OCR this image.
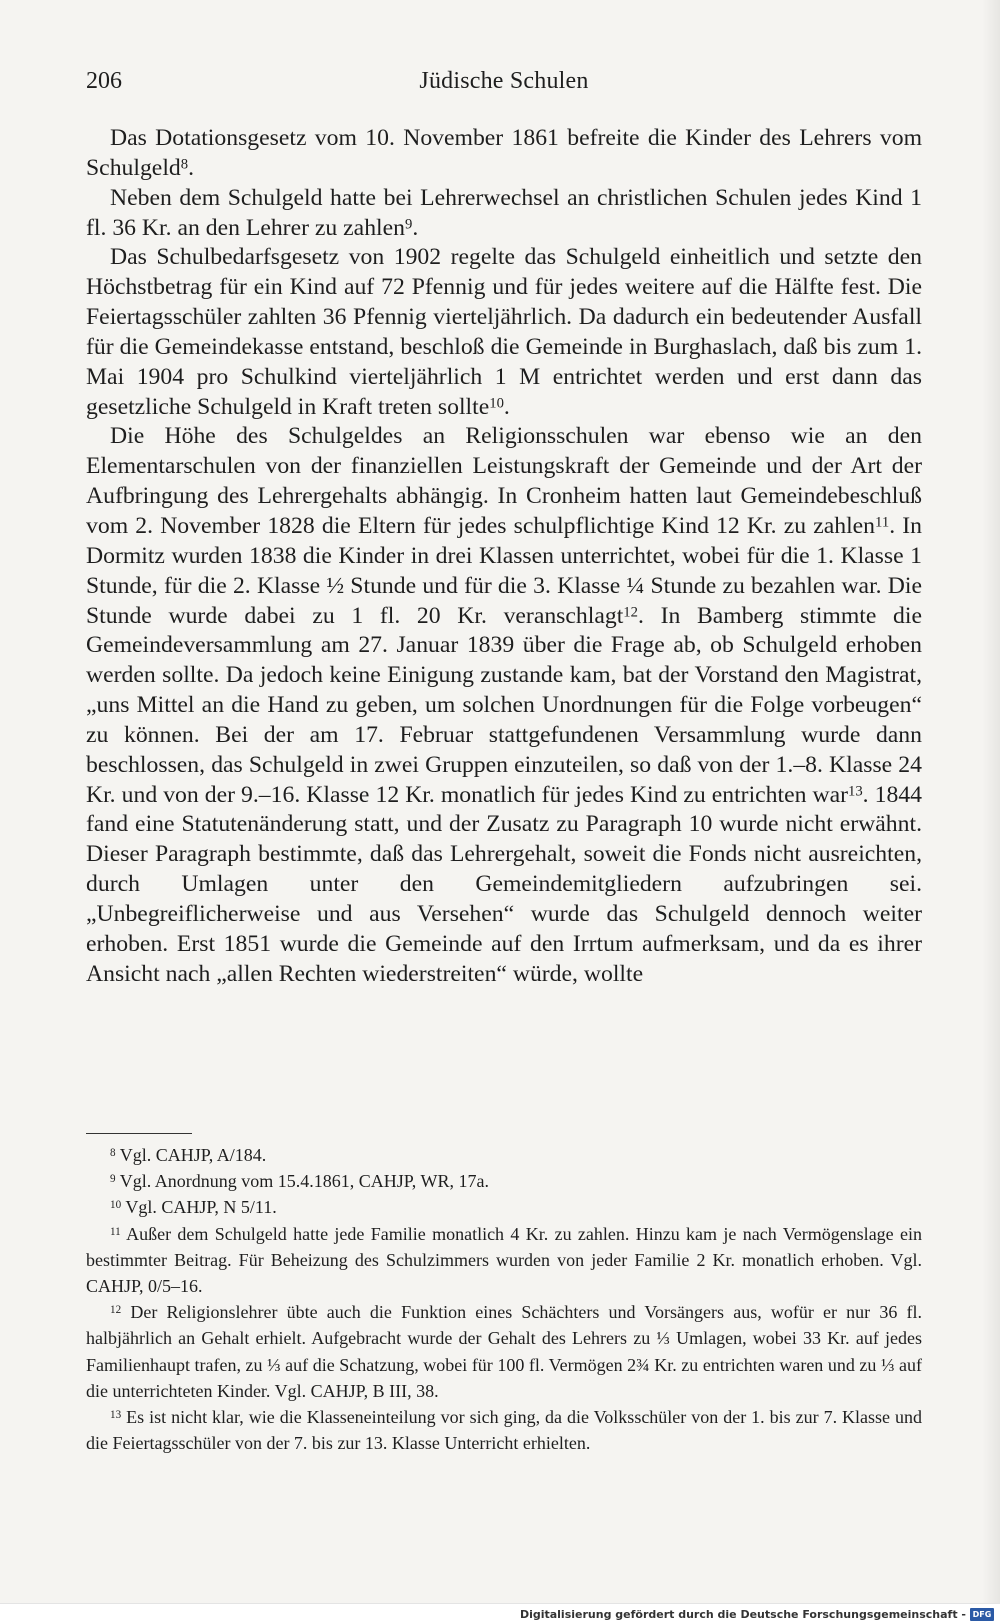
206	Jüdische Schulen

Das Dotationsgesetz vom 10. November 1861 befreite die Kinder des Lehrers vom Schulgeld$^8$.

Neben dem Schulgeld hatte bei Lehrerwechsel an christlichen Schulen jedes Kind 1 fl. 36 Kr. an den Lehrer zu zahlen$^9$.

Das Schulbedarfsgesetz von 1902 regelte das Schulgeld einheitlich und setzte den Höchstbetrag für ein Kind auf 72 Pfennig und für jedes weitere auf die Hälfte fest. Die Feiertagsschüler zahlten 36 Pfennig vierteljährlich. Da dadurch ein bedeutender Ausfall für die Gemeindekasse entstand, beschloß die Gemeinde in Burghaslach, daß bis zum 1. Mai 1904 pro Schulkind vierteljährlich 1 M entrichtet werden und erst dann das gesetzliche Schulgeld in Kraft treten sollte$^{10}$.

Die Höhe des Schulgeldes an Religionsschulen war ebenso wie an den Elementarschulen von der finanziellen Leistungskraft der Gemeinde und der Art der Aufbringung des Lehrergehalts abhängig. In Cronheim hatten laut Gemeindebeschluß vom 2. November 1828 die Eltern für jedes schulpflichtige Kind 12 Kr. zu zahlen$^{11}$. In Dormitz wurden 1838 die Kinder in drei Klassen unterrichtet, wobei für die 1. Klasse 1 Stunde, für die 2. Klasse ½ Stunde und für die 3. Klasse ¼ Stunde zu bezahlen war. Die Stunde wurde dabei zu 1 fl. 20 Kr. veranschlagt$^{12}$. In Bamberg stimmte die Gemeindeversammlung am 27. Januar 1839 über die Frage ab, ob Schulgeld erhoben werden sollte. Da jedoch keine Einigung zustande kam, bat der Vorstand den Magistrat, „uns Mittel an die Hand zu geben, um solchen Unordnungen für die Folge vorbeugen“ zu können. Bei der am 17. Februar stattgefundenen Versammlung wurde dann beschlossen, das Schulgeld in zwei Gruppen einzuteilen, so daß von der 1.–8. Klasse 24 Kr. und von der 9.–16. Klasse 12 Kr. monatlich für jedes Kind zu entrichten war$^{13}$. 1844 fand eine Statutenänderung statt, und der Zusatz zu Paragraph 10 wurde nicht erwähnt. Dieser Paragraph bestimmte, daß das Lehrergehalt, soweit die Fonds nicht ausreichten, durch Umlagen unter den Gemeindemitgliedern aufzubringen sei. „Unbegreiflicherweise und aus Versehen“ wurde das Schulgeld dennoch weiter erhoben. Erst 1851 wurde die Gemeinde auf den Irrtum aufmerksam, und da es ihrer Ansicht nach „allen Rechten wiederstreiten“ würde, wollte

$^8$ Vgl. CAHJP, A/184.

$^9$ Vgl. Anordnung vom 15.4.1861, CAHJP, WR, 17a.

$^{10}$ Vgl. CAHJP, N 5/11.

$^{11}$ Außer dem Schulgeld hatte jede Familie monatlich 4 Kr. zu zahlen. Hinzu kam je nach Vermögenslage ein bestimmter Beitrag. Für Beheizung des Schulzimmers wurden von jeder Familie 2 Kr. monatlich erhoben. Vgl. CAHJP, 0/5–16.

$^{12}$ Der Religionslehrer übte auch die Funktion eines Schächters und Vorsängers aus, wofür er nur 36 fl. halbjährlich an Gehalt erhielt. Aufgebracht wurde der Gehalt des Lehrers zu ⅓ Umlagen, wobei 33 Kr. auf jedes Familienhaupt trafen, zu ⅓ auf die Schatzung, wobei für 100 fl. Vermögen 2¾ Kr. zu entrichten waren und zu ⅓ auf die unterrichteten Kinder. Vgl. CAHJP, B III, 38.

$^{13}$ Es ist nicht klar, wie die Klasseneinteilung vor sich ging, da die Volksschüler von der 1. bis zur 7. Klasse und die Feiertagsschüler von der 7. bis zur 13. Klasse Unterricht erhielten.

Digitalisierung gefördert durch die Deutsche Forschungsgemeinschaft - DFG
